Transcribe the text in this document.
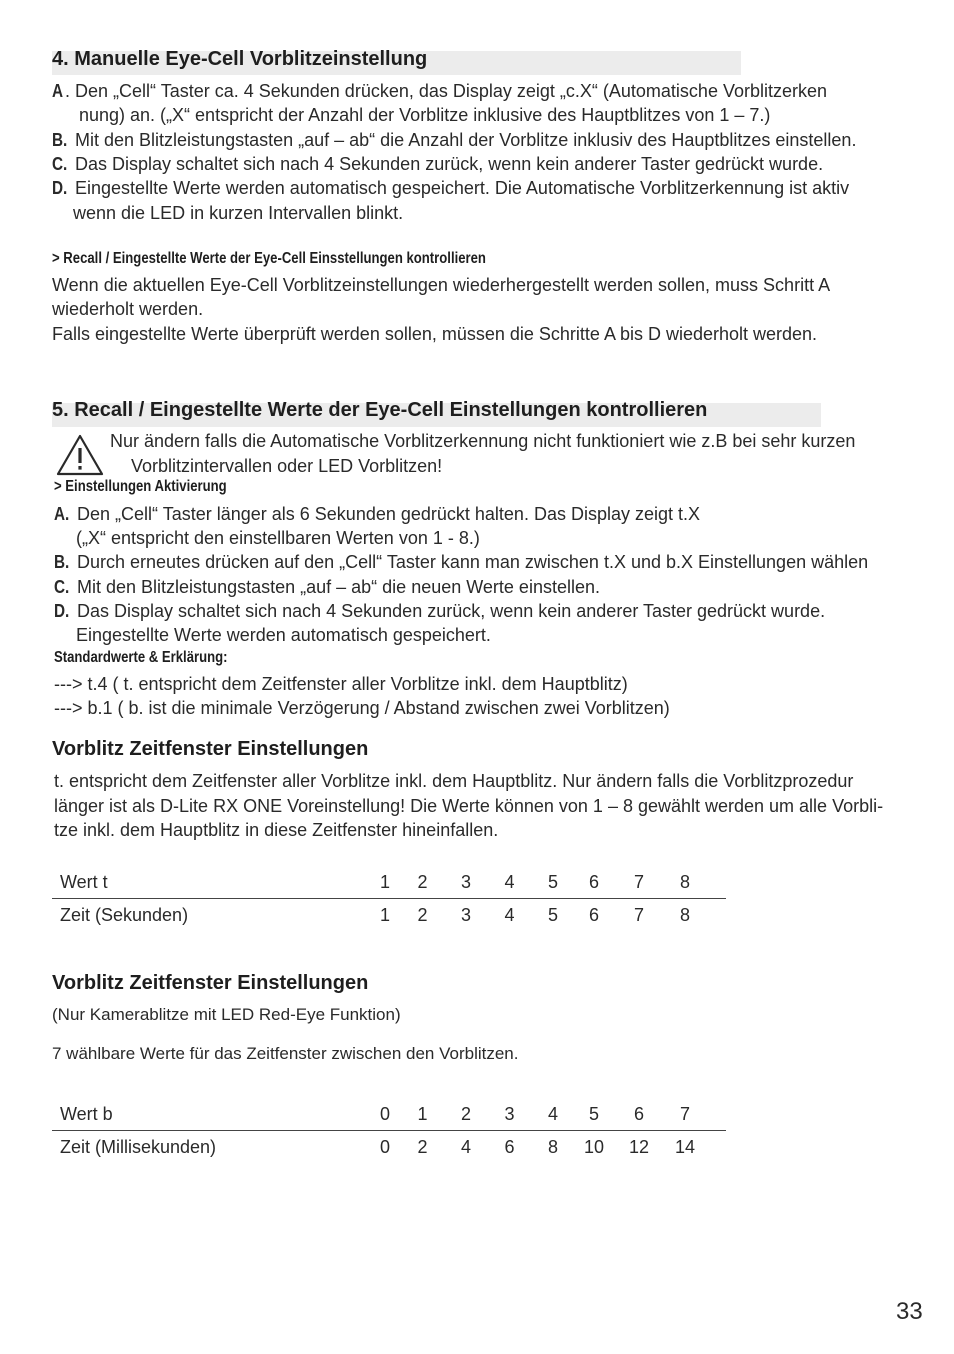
4. Manuelle Eye-Cell Vorblitzeinstellung
A . Den „Cell“ Taster ca. 4 Sekunden drücken, das Display zeigt „c.X“ (Automatische Vorblitzerken
nung) an. („X“ entspricht der Anzahl der Vorblitze inklusive des Hauptblitzes von 1 – 7.)
B. Mit den Blitzleistungstasten „auf – ab“ die Anzahl der Vorblitze inklusiv des Hauptblitzes einstellen.
C. Das Display schaltet sich nach 4 Sekunden zurück, wenn kein anderer Taster gedrückt wurde.
D. Eingestellte Werte werden automatisch gespeichert. Die Automatische Vorblitzerkennung ist aktiv
wenn die LED in kurzen Intervallen blinkt.
> Recall / Eingestellte Werte der Eye-Cell Einsstellungen kontrollieren
Wenn die aktuellen Eye-Cell Vorblitzeinstellungen wiederhergestellt werden sollen, muss Schritt A
wiederholt werden.
Falls eingestellte Werte überprüft werden sollen, müssen die Schritte A bis D wiederholt werden.
5. Recall / Eingestellte Werte der Eye-Cell Einstellungen kontrollieren
Nur ändern falls die Automatische Vorblitzerkennung nicht funktioniert wie z.B bei sehr kurzen
Vorblitzintervallen oder LED Vorblitzen!
> Einstellungen Aktivierung
A. Den „Cell“ Taster länger als 6 Sekunden gedrückt halten. Das Display zeigt t.X
(„X“ entspricht den einstellbaren Werten von 1 - 8.)
B. Durch erneutes drücken auf den „Cell“ Taster kann man zwischen t.X und b.X Einstellungen wählen
C. Mit den Blitzleistungstasten „auf – ab“ die neuen Werte einstellen.
D. Das Display schaltet sich nach 4 Sekunden zurück, wenn kein anderer Taster gedrückt wurde.
Eingestellte Werte werden automatisch gespeichert.
Standardwerte & Erklärung:
---> t.4 ( t. entspricht dem Zeitfenster aller Vorblitze inkl. dem Hauptblitz)
---> b.1 ( b. ist die minimale Verzögerung / Abstand zwischen zwei Vorblitzen)
Vorblitz Zeitfenster Einstellungen
t. entspricht dem Zeitfenster aller Vorblitze inkl. dem Hauptblitz. Nur ändern falls die Vorblitzprozedur
länger ist als D-Lite RX ONE Voreinstellung! Die Werte können von 1 – 8 gewählt werden um alle Vorbli-
tze inkl. dem Hauptblitz in diese Zeitfenster hineinfallen.
Wert t	1	2	3	4	5	6	7	8	
Zeit (Sekunden)	1	2	3	4	5	6	7	8	
Vorblitz Zeitfenster Einstellungen
(Nur Kamerablitze mit LED Red-Eye Funktion)
7 wählbare Werte für das Zeitfenster zwischen den Vorblitzen.
Wert b	0	1	2	3	4	5	6	7	
Zeit (Millisekunden)	0	2	4	6	8	10	12	14	
33
